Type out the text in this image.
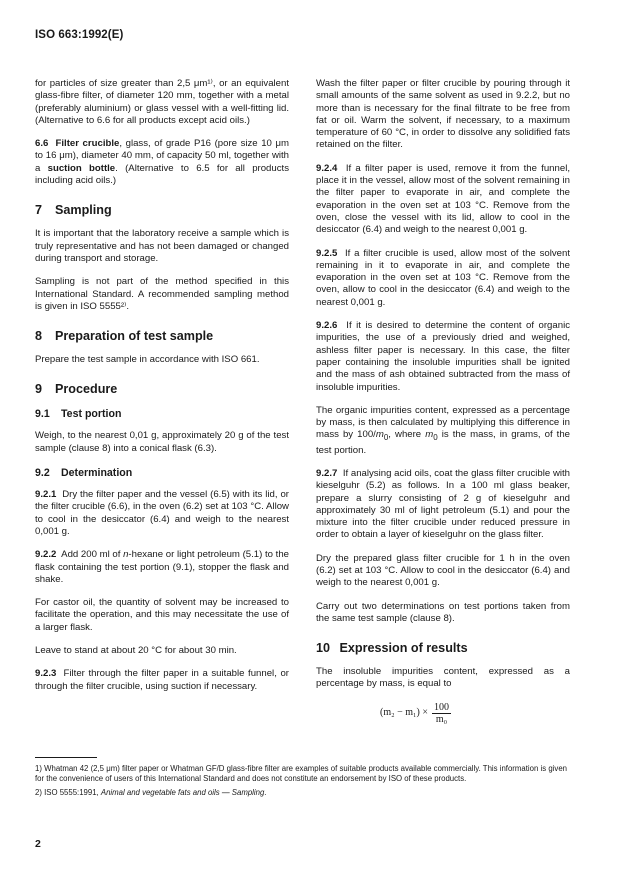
ISO 663:1992(E)

for particles of size greater than 2,5 μm¹⁾, or an equivalent glass-fibre filter, of diameter 120 mm, together with a metal (preferably aluminium) or glass vessel with a well-fitting lid. (Alternative to 6.6 for all products except acid oils.)

6.6 Filter crucible, glass, of grade P16 (pore size 10 μm to 16 μm), diameter 40 mm, of capacity 50 ml, together with a suction bottle. (Alternative to 6.5 for all products including acid oils.)

7 Sampling

It is important that the laboratory receive a sample which is truly representative and has not been damaged or changed during transport and storage.

Sampling is not part of the method specified in this International Standard. A recommended sampling method is given in ISO 5555²⁾.

8 Preparation of test sample

Prepare the test sample in accordance with ISO 661.

9 Procedure
9.1 Test portion

Weigh, to the nearest 0,01 g, approximately 20 g of the test sample (clause 8) into a conical flask (6.3).

9.2 Determination

9.2.1 Dry the filter paper and the vessel (6.5) with its lid, or the filter crucible (6.6), in the oven (6.2) set at 103 °C. Allow to cool in the desiccator (6.4) and weigh to the nearest 0,001 g.

9.2.2 Add 200 ml of n-hexane or light petroleum (5.1) to the flask containing the test portion (9.1), stopper the flask and shake.

For castor oil, the quantity of solvent may be increased to facilitate the operation, and this may necessitate the use of a larger flask.

Leave to stand at about 20 °C for about 30 min.

9.2.3 Filter through the filter paper in a suitable funnel, or through the filter crucible, using suction if necessary.

Wash the filter paper or filter crucible by pouring through it small amounts of the same solvent as used in 9.2.2, but no more than is necessary for the final filtrate to be free from fat or oil. Warm the solvent, if necessary, to a maximum temperature of 60 °C, in order to dissolve any solidified fats retained on the filter.

9.2.4 If a filter paper is used, remove it from the funnel, place it in the vessel, allow most of the solvent remaining in the filter paper to evaporate in air, and complete the evaporation in the oven set at 103 °C. Remove from the oven, close the vessel with its lid, allow to cool in the desiccator (6.4) and weigh to the nearest 0,001 g.

9.2.5 If a filter crucible is used, allow most of the solvent remaining in it to evaporate in air, and complete the evaporation in the oven set at 103 °C. Remove from the oven, allow to cool in the desiccator (6.4) and weigh to the nearest 0,001 g.

9.2.6 If it is desired to determine the content of organic impurities, the use of a previously dried and weighed, ashless filter paper is necessary. In this case, the filter paper containing the insoluble impurities shall be ignited and the mass of ash obtained subtracted from the mass of insoluble impurities.

The organic impurities content, expressed as a percentage by mass, is then calculated by multiplying this difference in mass by $100/m_0$, where $m_0$ is the mass, in grams, of the test portion.

9.2.7 If analysing acid oils, coat the glass filter crucible with kieselguhr (5.2) as follows. In a 100 ml glass beaker, prepare a slurry consisting of 2 g of kieselguhr and approximately 30 ml of light petroleum (5.1) and pour the mixture into the filter crucible under reduced pressure in order to obtain a layer of kieselguhr on the glass filter.

Dry the prepared glass filter crucible for 1 h in the oven (6.2) set at 103 °C. Allow to cool in the desiccator (6.4) and weigh to the nearest 0,001 g.

Carry out two determinations on test portions taken from the same test sample (clause 8).

10 Expression of results

The insoluble impurities content, expressed as a percentage by mass, is equal to

$(m_2 - m_1) \times \frac{100}{\text{m₀}}$

1) Whatman 42 (2,5 μm) filter paper or Whatman GF/D glass-fibre filter are examples of suitable products available commercially. This information is given for the convenience of users of this International Standard and does not constitute an endorsement by ISO of these products.

2) ISO 5555:1991, Animal and vegetable fats and oils — Sampling.

2
